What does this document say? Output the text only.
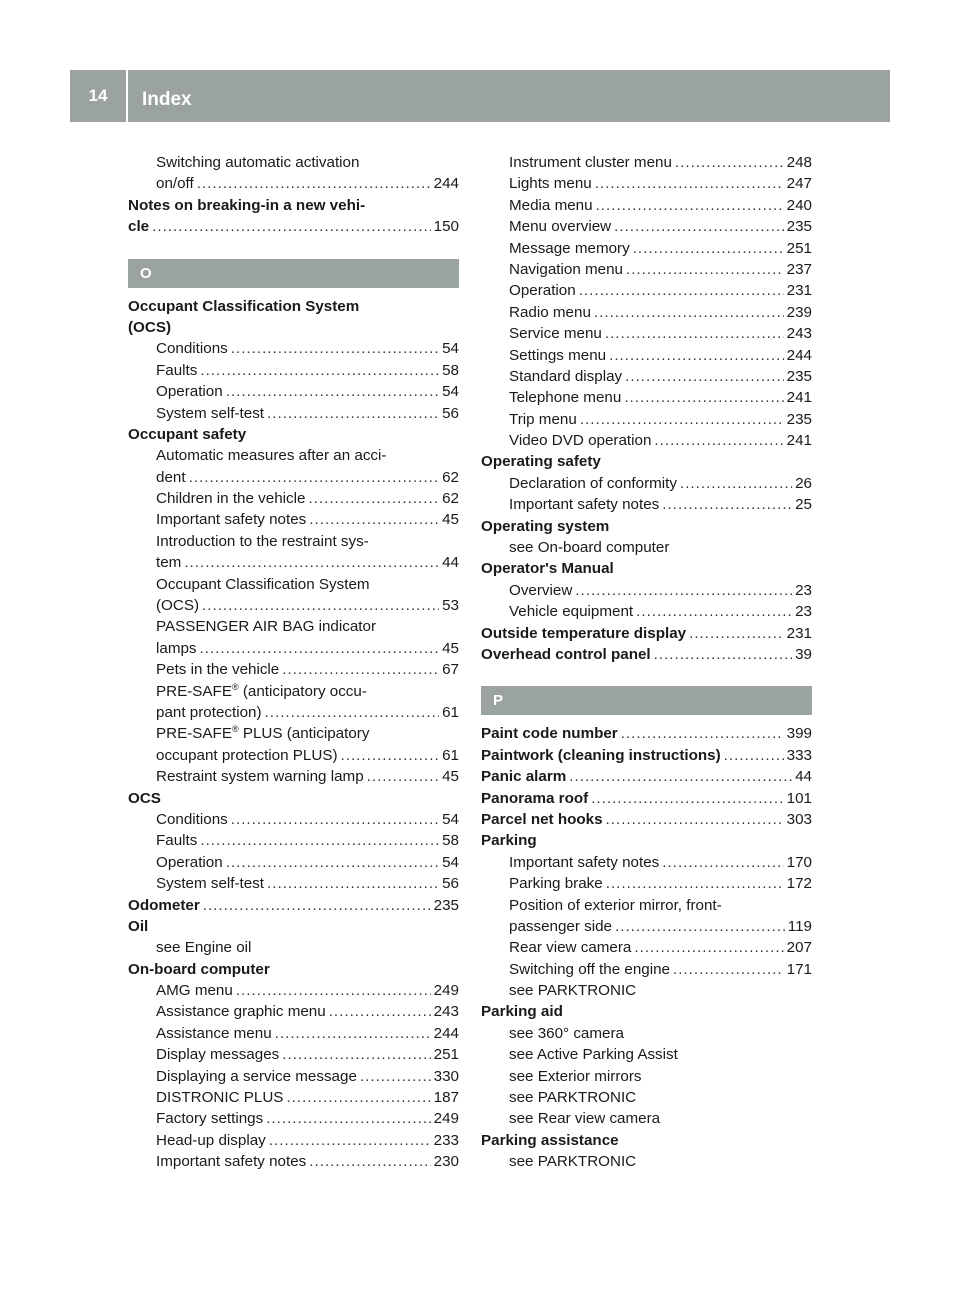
14	Index
Switching automatic activation
on/off .....	244
Notes on breaking-in a new vehi-
cle .....	150
O
Occupant Classification System
(OCS)
Conditions .....	54
Faults .....	58
Operation .....	54
System self-test .....	56
Occupant safety
Automatic measures after an acci-
dent .....	62
Children in the vehicle .....	62
Important safety notes .....	45
Introduction to the restraint sys-
tem .....	44
Occupant Classification System
(OCS) .....	53
PASSENGER AIR BAG indicator
lamps .....	45
Pets in the vehicle .....	67
PRE-SAFE® (anticipatory occu-
pant protection) .....	61
PRE-SAFE® PLUS (anticipatory
occupant protection PLUS) .....	61
Restraint system warning lamp .....	45
OCS
Conditions .....	54
Faults .....	58
Operation .....	54
System self-test .....	56
Odometer .....	235
Oil
see Engine oil
On-board computer
AMG menu .....	249
Assistance graphic menu .....	243
Assistance menu .....	244
Display messages .....	251
Displaying a service message .....	330
DISTRONIC PLUS .....	187
Factory settings .....	249
Head-up display .....	233
Important safety notes .....	230
Instrument cluster menu .....	248
Lights menu .....	247
Media menu .....	240
Menu overview .....	235
Message memory .....	251
Navigation menu .....	237
Operation .....	231
Radio menu .....	239
Service menu .....	243
Settings menu .....	244
Standard display .....	235
Telephone menu .....	241
Trip menu .....	235
Video DVD operation .....	241
Operating safety
Declaration of conformity .....	26
Important safety notes .....	25
Operating system
see On-board computer
Operator's Manual
Overview .....	23
Vehicle equipment .....	23
Outside temperature display .....	231
Overhead control panel .....	39
P
Paint code number .....	399
Paintwork (cleaning instructions) .....	333
Panic alarm .....	44
Panorama roof .....	101
Parcel net hooks .....	303
Parking
Important safety notes .....	170
Parking brake .....	172
Position of exterior mirror, front-
passenger side .....	119
Rear view camera .....	207
Switching off the engine .....	171
see PARKTRONIC
Parking aid
see 360° camera
see Active Parking Assist
see Exterior mirrors
see PARKTRONIC
see Rear view camera
Parking assistance
see PARKTRONIC
